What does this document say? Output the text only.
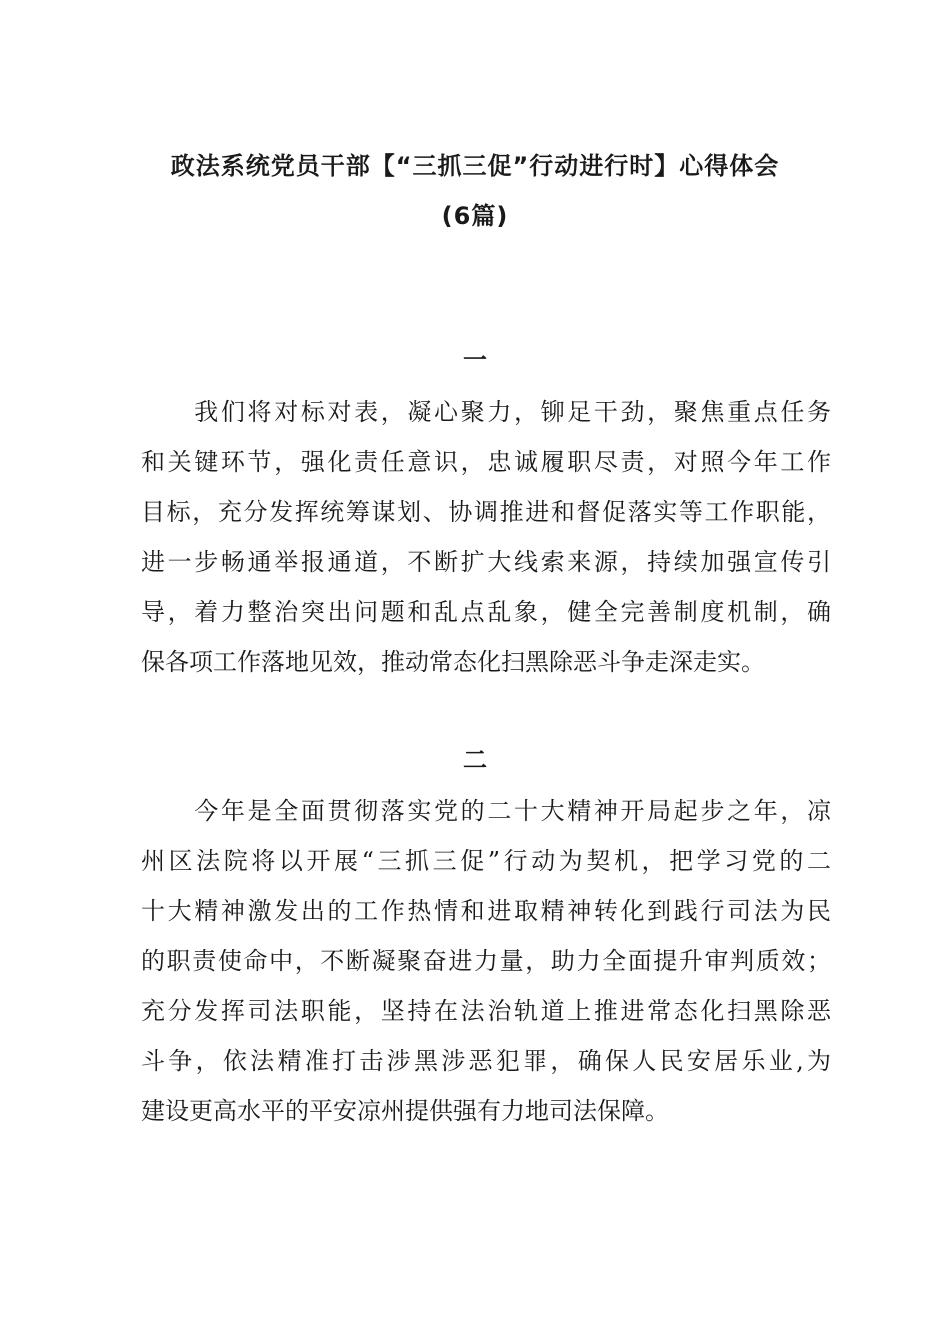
政法系统党员干部【“三抓三促”行动进行时】心得体会
(6篇)
一
　　我们将对标对表，凝心聚力，铆足干劲，聚焦重点任务
和关键环节，强化责任意识，忠诚履职尽责，对照今年工作
目标，充分发挥统筹谋划、协调推进和督促落实等工作职能，
进一步畅通举报通道，不断扩大线索来源，持续加强宣传引
导，着力整治突出问题和乱点乱象，健全完善制度机制，确
保各项工作落地见效，推动常态化扫黑除恶斗争走深走实。
二
　　今年是全面贯彻落实党的二十大精神开局起步之年，凉
州区法院将以开展“三抓三促”行动为契机，把学习党的二
十大精神激发出的工作热情和进取精神转化到践行司法为民
的职责使命中，不断凝聚奋进力量，助力全面提升审判质效；
充分发挥司法职能，坚持在法治轨道上推进常态化扫黑除恶
斗争，依法精准打击涉黑涉恶犯罪，确保人民安居乐业,为
建设更高水平的平安凉州提供强有力地司法保障。
